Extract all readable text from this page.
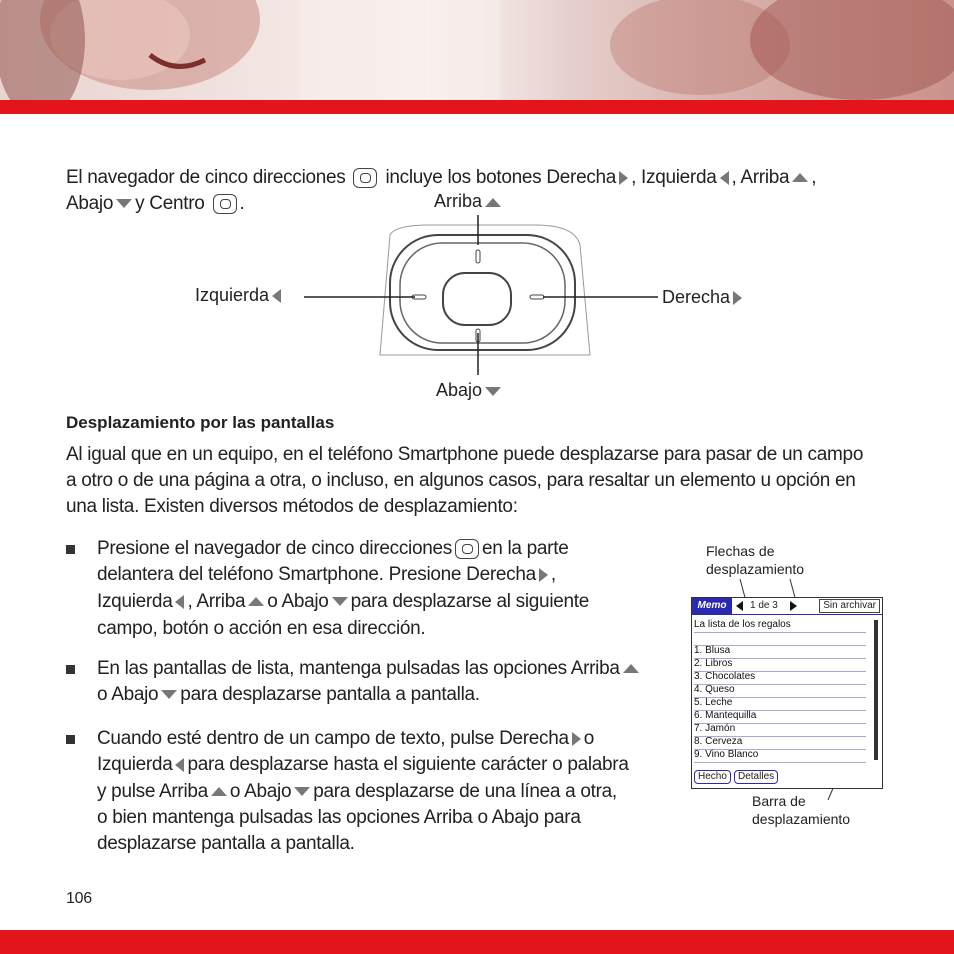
El navegador de cinco direcciones incluye los botones Derecha , Izquierda , Arriba ,
Abajo y Centro .	Arriba
Izquierda	Derecha
Abajo
Desplazamiento por las pantallas
Al igual que en un equipo, en el teléfono Smartphone puede desplazarse para pasar de un campo
a otro o de una página a otra, o incluso, en algunos casos, para resaltar un elemento u opción en
una lista. Existen diversos métodos de desplazamiento:
Presione el navegador de cinco direcciones en la parte
delantera del teléfono Smartphone. Presione Derecha ,
Izquierda , Arriba o Abajo para desplazarse al siguiente
campo, botón o acción en esa dirección.
En las pantallas de lista, mantenga pulsadas las opciones Arriba
o Abajo para desplazarse pantalla a pantalla.
Cuando esté dentro de un campo de texto, pulse Derecha o
Izquierda para desplazarse hasta el siguiente carácter o palabra
y pulse Arriba o Abajo para desplazarse de una línea a otra,
o bien mantenga pulsadas las opciones Arriba o Abajo para
desplazarse pantalla a pantalla.
Flechas de
desplazamiento
Barra de
desplazamiento
Memo	1 de 3	Sin archivar
La lista de los regalos
1. Blusa
2. Libros
3. Chocolates
4. Queso
5. Leche
6. Mantequilla
7. Jamón
8. Cerveza
9. Vino Blanco
Hecho	Detalles
106
